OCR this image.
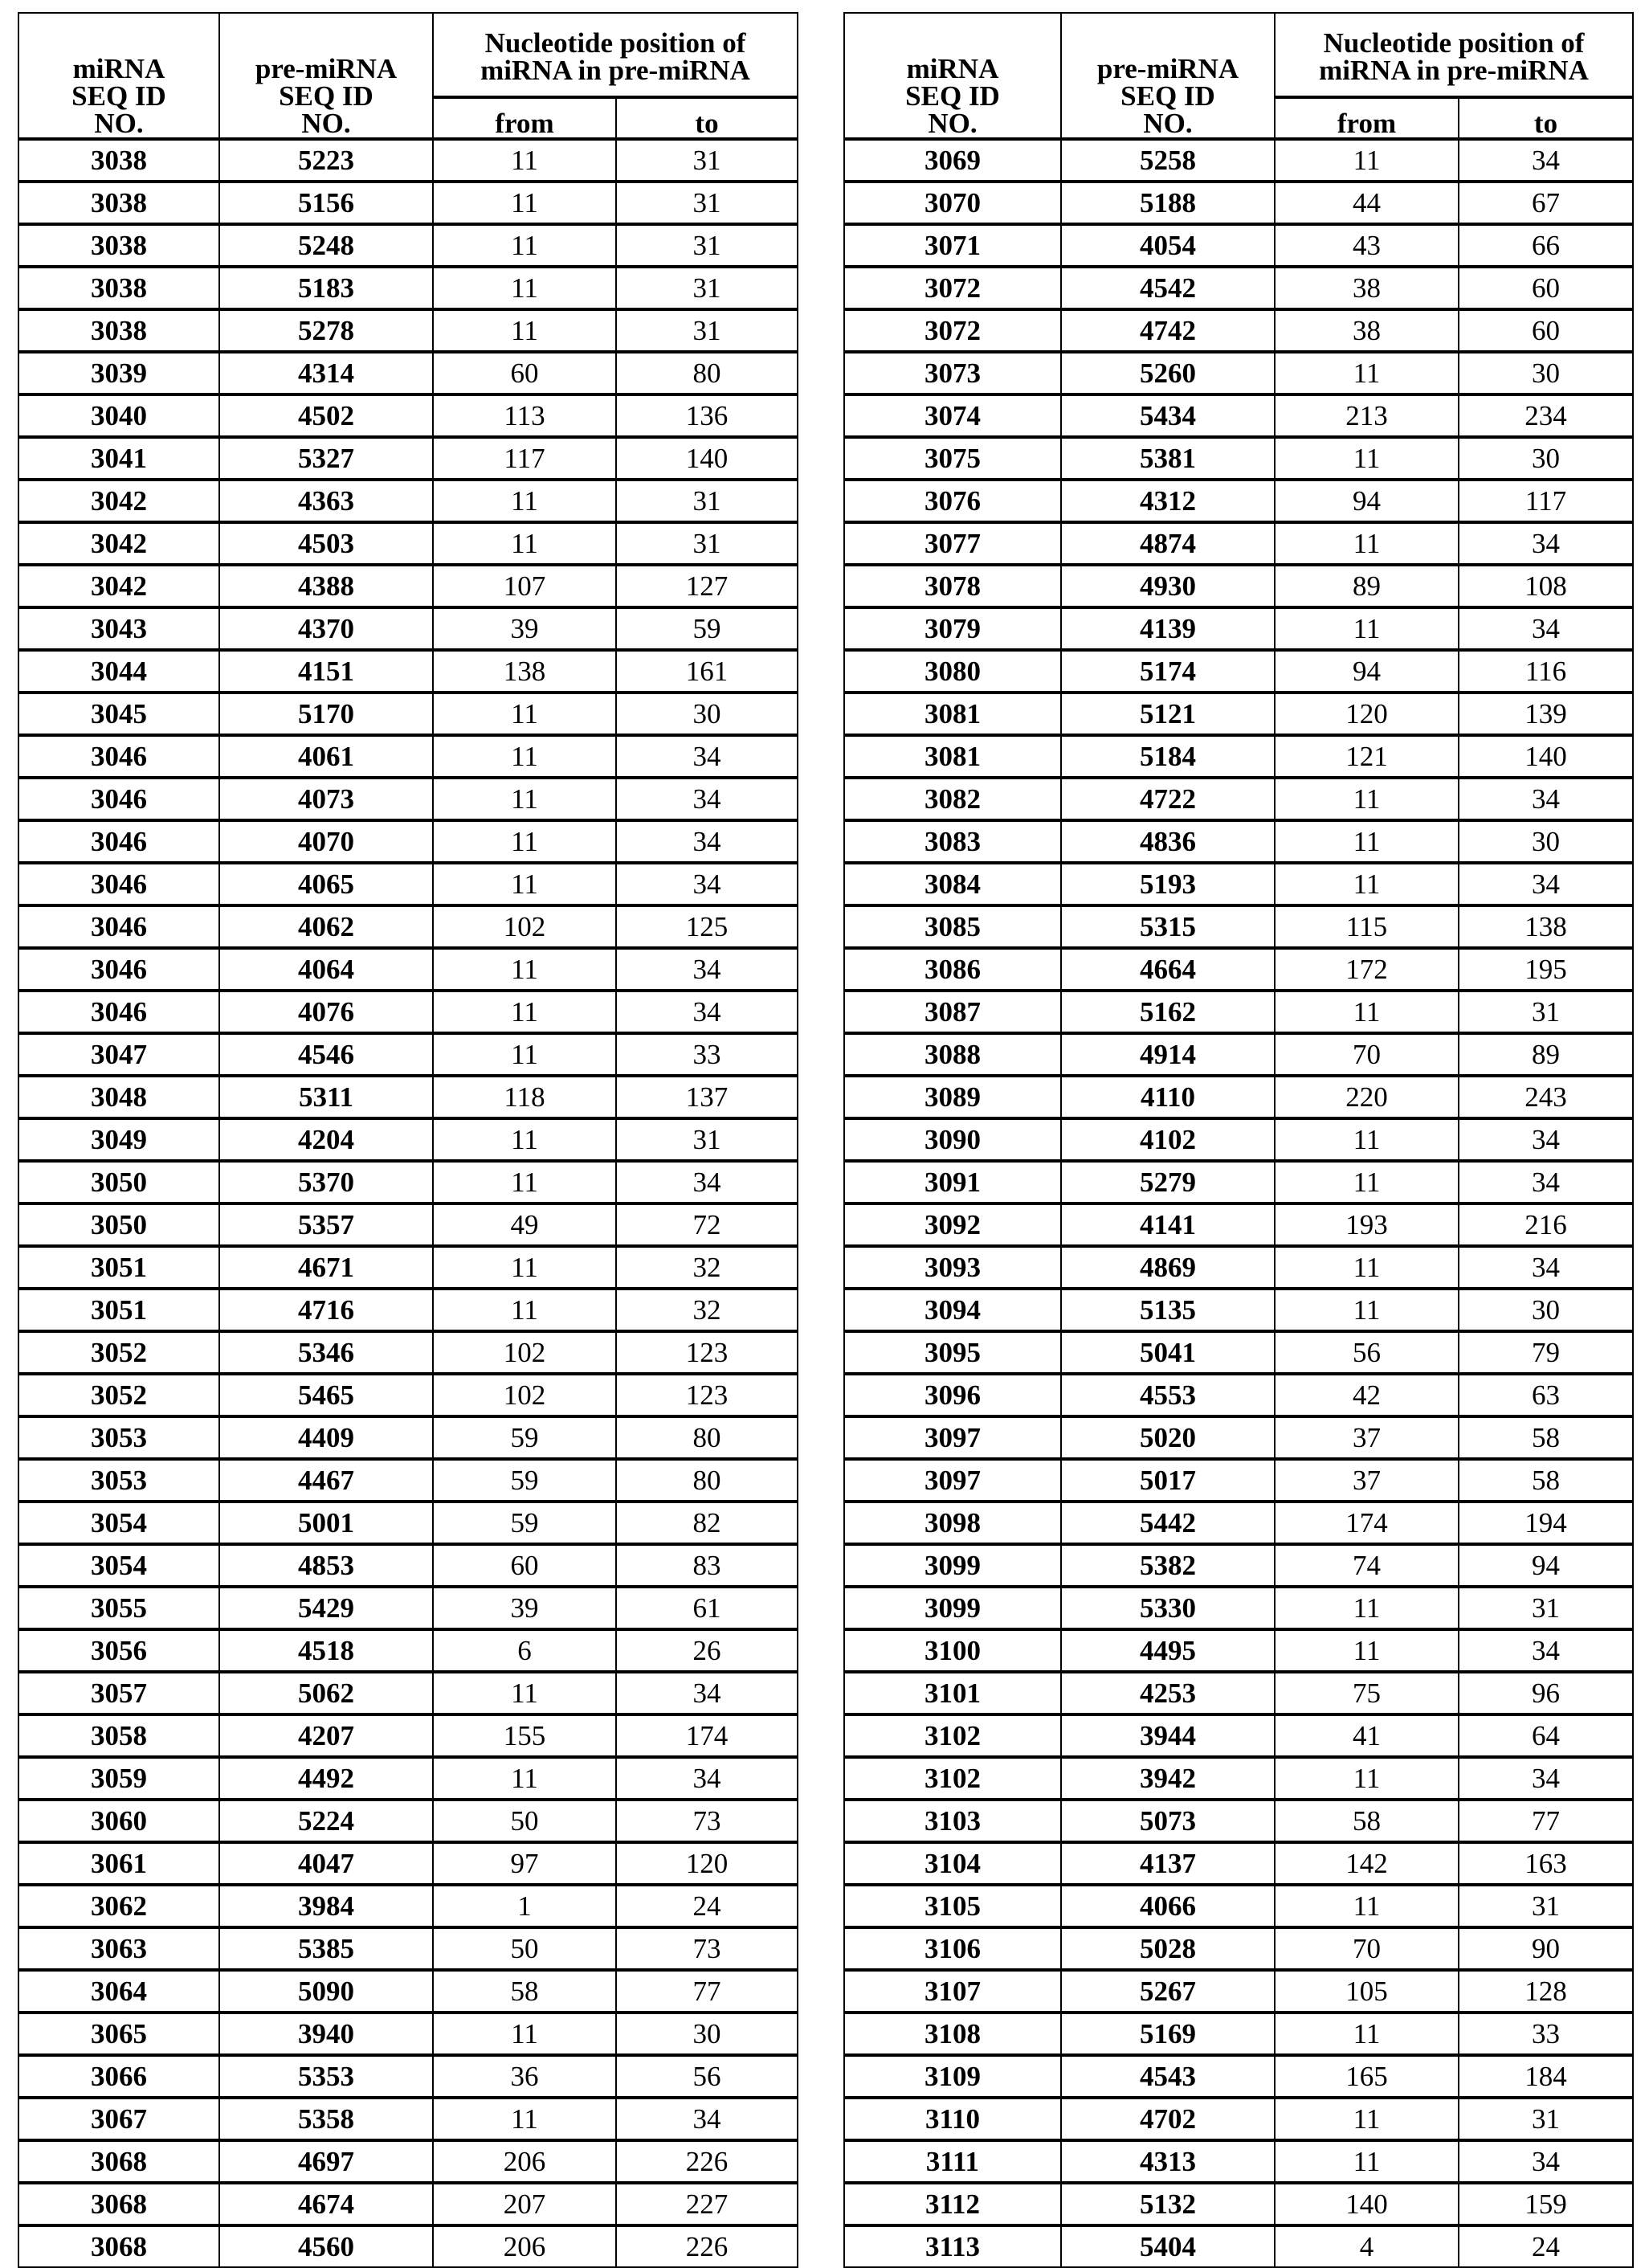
miRNA
SEQ ID
NO.	pre-miRNA
SEQ ID
NO.	Nucleotide position of
miRNA in pre-miRNA
from	to
3038	5223	11	31
3038	5156	11	31
3038	5248	11	31
3038	5183	11	31
3038	5278	11	31
3039	4314	60	80
3040	4502	113	136
3041	5327	117	140
3042	4363	11	31
3042	4503	11	31
3042	4388	107	127
3043	4370	39	59
3044	4151	138	161
3045	5170	11	30
3046	4061	11	34
3046	4073	11	34
3046	4070	11	34
3046	4065	11	34
3046	4062	102	125
3046	4064	11	34
3046	4076	11	34
3047	4546	11	33
3048	5311	118	137
3049	4204	11	31
3050	5370	11	34
3050	5357	49	72
3051	4671	11	32
3051	4716	11	32
3052	5346	102	123
3052	5465	102	123
3053	4409	59	80
3053	4467	59	80
3054	5001	59	82
3054	4853	60	83
3055	5429	39	61
3056	4518	6	26
3057	5062	11	34
3058	4207	155	174
3059	4492	11	34
3060	5224	50	73
3061	4047	97	120
3062	3984	1	24
3063	5385	50	73
3064	5090	58	77
3065	3940	11	30
3066	5353	36	56
3067	5358	11	34
3068	4697	206	226
3068	4674	207	227
3068	4560	206	226
miRNA
SEQ ID
NO.	pre-miRNA
SEQ ID
NO.	Nucleotide position of
miRNA in pre-miRNA
from	to
3069	5258	11	34
3070	5188	44	67
3071	4054	43	66
3072	4542	38	60
3072	4742	38	60
3073	5260	11	30
3074	5434	213	234
3075	5381	11	30
3076	4312	94	117
3077	4874	11	34
3078	4930	89	108
3079	4139	11	34
3080	5174	94	116
3081	5121	120	139
3081	5184	121	140
3082	4722	11	34
3083	4836	11	30
3084	5193	11	34
3085	5315	115	138
3086	4664	172	195
3087	5162	11	31
3088	4914	70	89
3089	4110	220	243
3090	4102	11	34
3091	5279	11	34
3092	4141	193	216
3093	4869	11	34
3094	5135	11	30
3095	5041	56	79
3096	4553	42	63
3097	5020	37	58
3097	5017	37	58
3098	5442	174	194
3099	5382	74	94
3099	5330	11	31
3100	4495	11	34
3101	4253	75	96
3102	3944	41	64
3102	3942	11	34
3103	5073	58	77
3104	4137	142	163
3105	4066	11	31
3106	5028	70	90
3107	5267	105	128
3108	5169	11	33
3109	4543	165	184
3110	4702	11	31
3111	4313	11	34
3112	5132	140	159
3113	5404	4	24
